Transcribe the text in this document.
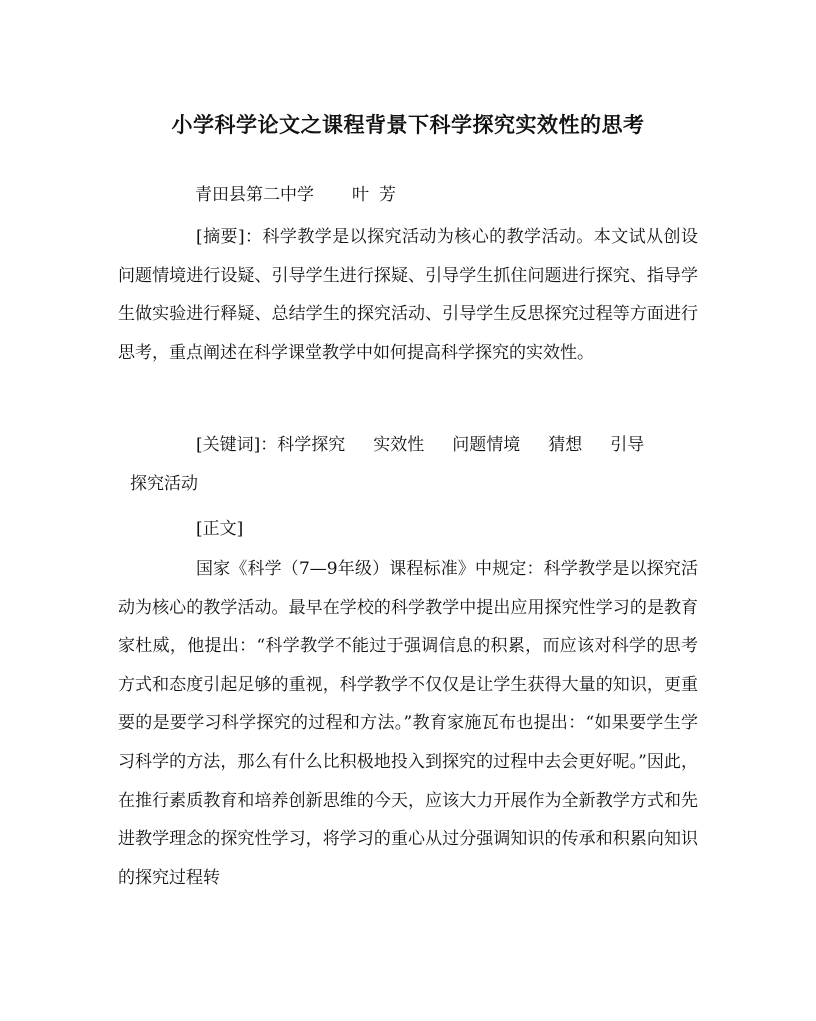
小学科学论文之课程背景下科学探究实效性的思考
青田县第二中学 叶芳
[摘要]：科学教学是以探究活动为核心的教学活动。本文试从创设问题情境进行设疑、引导学生进行探疑、引导学生抓住问题进行探究、指导学生做实验进行释疑、总结学生的探究活动、引导学生反思探究过程等方面进行思考，重点阐述在科学课堂教学中如何提高科学探究的实效性。
[关键词]：科学探究 实效性 问题情境 猜想 引导
探究活动
[正文]
国家《科学（7—9年级）课程标准》中规定：科学教学是以探究活动为核心的教学活动。最早在学校的科学教学中提出应用探究性学习的是教育家杜威，他提出：“科学教学不能过于强调信息的积累，而应该对科学的思考方式和态度引起足够的重视，科学教学不仅仅是让学生获得大量的知识，更重要的是要学习科学探究的过程和方法。”教育家施瓦布也提出：“如果要学生学习科学的方法，那么有什么比积极地投入到探究的过程中去会更好呢。”因此，在推行素质教育和培养创新思维的今天，应该大力开展作为全新教学方式和先进教学理念的探究性学习，将学习的重心从过分强调知识的传承和积累向知识的探究过程转
